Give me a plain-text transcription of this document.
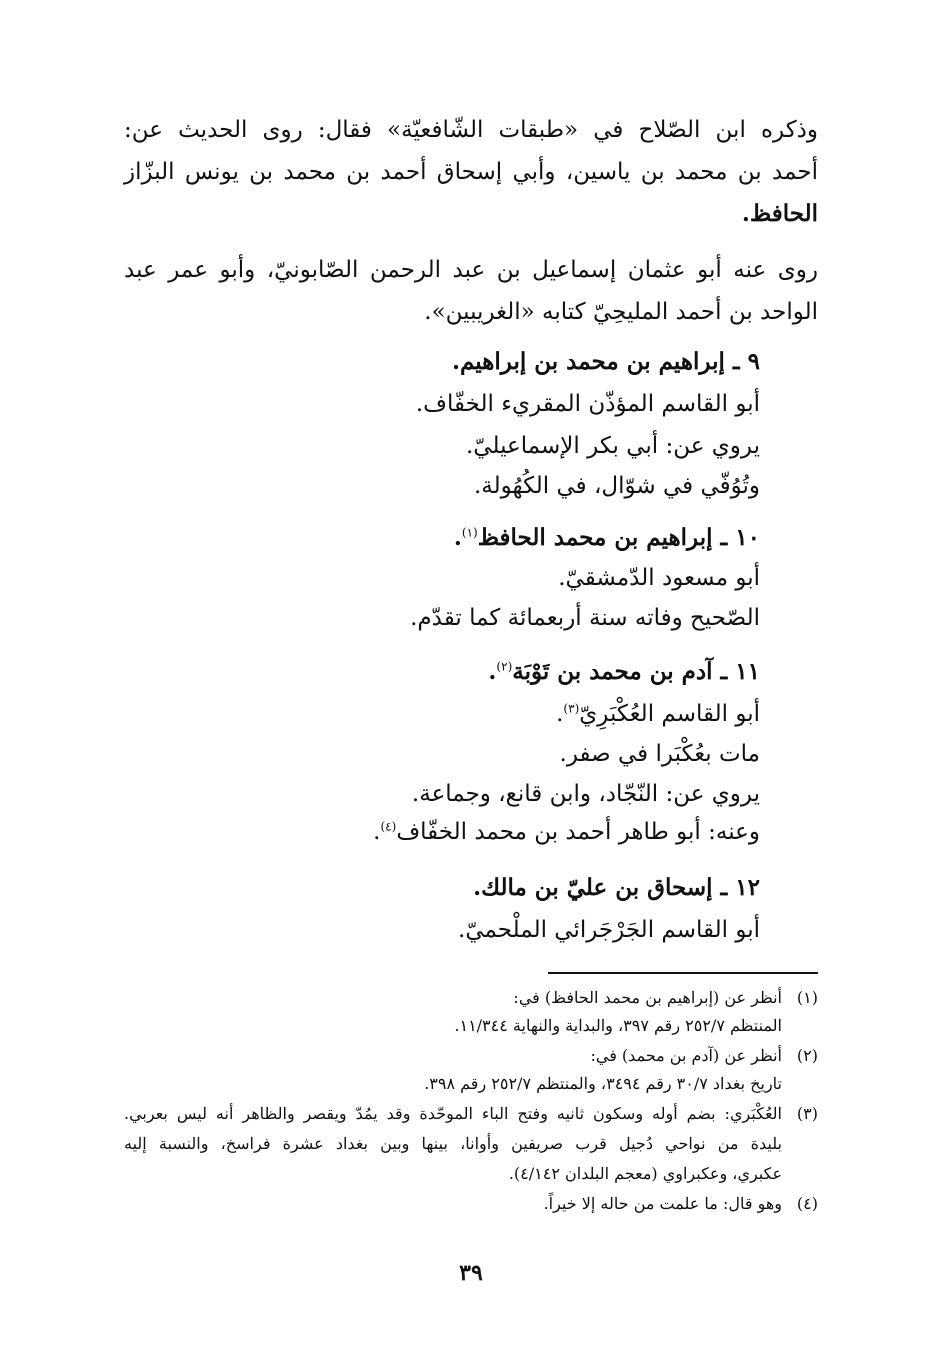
وذكره ابن الصّلاح في «طبقات الشّافعيّة» فقال: روى الحديث عن:
أحمد بن محمد بن ياسين، وأبي إسحاق أحمد بن محمد بن يونس البزّاز
الحافظ.
روى عنه أبو عثمان إسماعيل بن عبد الرحمن الصّابونيّ، وأبو عمر عبد
الواحد بن أحمد المليحِيّ كتابه «الغريبين».
٩ ـ إبراهيم بن محمد بن إبراهيم.
أبو القاسم المؤذّن المقريء الخفّاف.
يروي عن: أبي بكر الإسماعيليّ.
وتُوُفّي في شوّال، في الكُهُولة.
١٠ ـ إبراهيم بن محمد الحافظ$^{(١)}$.
أبو مسعود الدّمشقيّ.
الصّحيح وفاته سنة أربعمائة كما تقدّم.
١١ ـ آدم بن محمد بن تَوْبَة$^{(٢)}$.
أبو القاسم العُكْبَرِيّ$^{(٣)}$.
مات بعُكْبَرا في صفر.
يروي عن: النّجّاد، وابن قانع، وجماعة.
وعنه: أبو طاهر أحمد بن محمد الخفّاف$^{(٤)}$.
١٢ ـ إسحاق بن عليّ بن مالك.
أبو القاسم الجَرْجَرائي الملْحميّ.
(١)
أنظر عن (إبراهيم بن محمد الحافظ) في:
المنتظم ٢٥٢/٧ رقم ٣٩٧، والبداية والنهاية ١١/٣٤٤.
(٢)
أنظر عن (آدم بن محمد) في:
تاريخ بغداد ٣٠/٧ رقم ٣٤٩٤، والمنتظم ٢٥٢/٧ رقم ٣٩٨.
(٣)
العُكْبَري: بضم أوله وسكون ثانيه وفتح الباء الموحّدة وقد يمُدّ ويقصر والظاهر أنه ليس بعربي.
بليدة من نواحي دُجيل قرب صريفين وأوانا، بينها وبين بغداد عشرة فراسخ، والنسبة إليه
عكبري، وعكبراوي (معجم البلدان ٤/١٤٢).
(٤)
وهو قال: ما علمت من حاله إلا خيراً.
٣٩
